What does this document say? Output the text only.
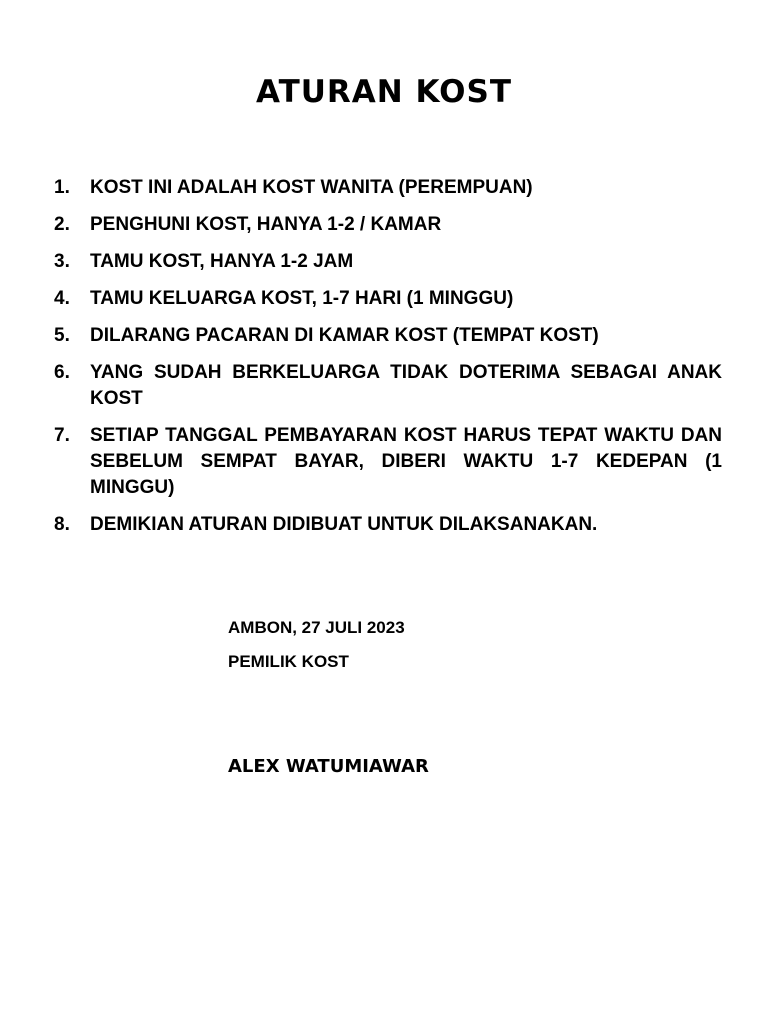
ATURAN KOST
1.	KOST INI ADALAH KOST WANITA (PEREMPUAN)
2.	PENGHUNI KOST, HANYA 1-2 / KAMAR
3.	TAMU KOST, HANYA 1-2 JAM
4.	TAMU KELUARGA KOST, 1-7 HARI (1 MINGGU)
5.	DILARANG PACARAN DI KAMAR KOST (TEMPAT KOST)
6.	YANG SUDAH BERKELUARGA TIDAK DOTERIMA SEBAGAI ANAK KOST
7.	SETIAP TANGGAL PEMBAYARAN KOST HARUS TEPAT WAKTU DAN SEBELUM SEMPAT BAYAR, DIBERI WAKTU 1-7 KEDEPAN (1 MINGGU)
8.	DEMIKIAN ATURAN DIDIBUAT UNTUK DILAKSANAKAN.
AMBON, 27 JULI 2023
PEMILIK KOST
ALEX WATUMIAWAR
